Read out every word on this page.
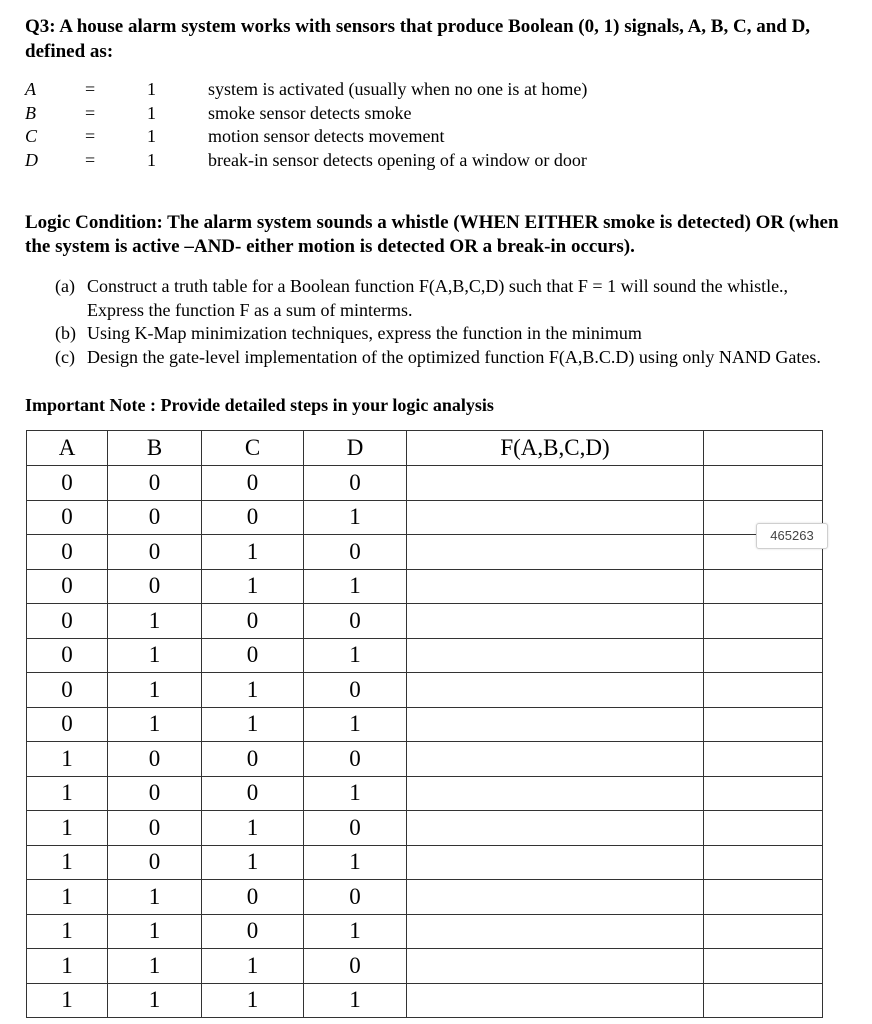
Q3: A house alarm system works with sensors that produce Boolean (0, 1) signals, A, B, C, and D, defined as:
A	=	1	system is activated (usually when no one is at home)
B	=	1	smoke sensor detects smoke
C	=	1	motion sensor detects movement
D	=	1	break-in sensor detects opening of a window or door
Logic Condition: The alarm system sounds a whistle (WHEN EITHER smoke is detected) OR (when the system is active –AND- either motion is detected OR a break-in occurs).
(a) Construct a truth table for a Boolean function F(A,B,C,D) such that F = 1 will sound the whistle., Express the function F as a sum of minterms.
(b) Using K-Map minimization techniques, express the function in the minimum
(c) Design the gate-level implementation of the optimized function F(A,B.C.D) using only NAND Gates.
Important Note : Provide detailed steps in your logic analysis
A	B	C	D	F(A,B,C,D)	
0	0	0	0		
0	0	0	1		
0	0	1	0		
0	0	1	1		
0	1	0	0		
0	1	0	1		
0	1	1	0		
0	1	1	1		
1	0	0	0		
1	0	0	1		
1	0	1	0		
1	0	1	1		
1	1	0	0		
1	1	0	1		
1	1	1	0		
1	1	1	1		
465263
